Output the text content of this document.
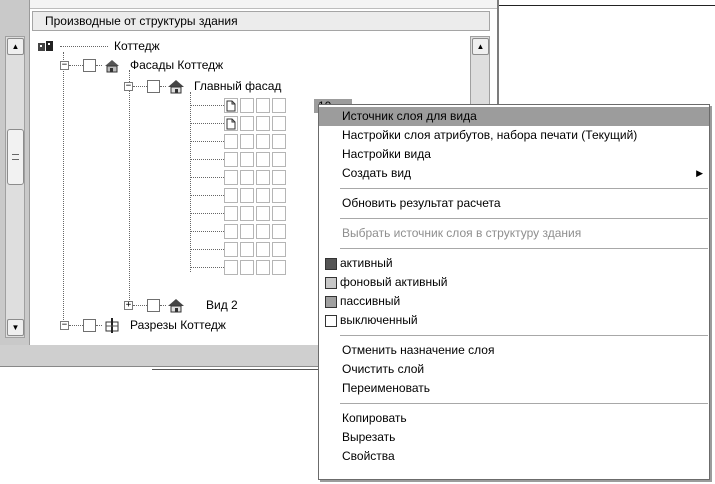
▲
▼
Производные от структуры здания
▲
Коттедж
−	Фасады Коттедж
−	Главный фасад
+	Вид 2
−	Разрезы Коттедж
Источник слоя для вида
Настройки слоя атрибутов, набора печати (Текущий)
Настройки вида
Создать вид	▶
Обновить результат расчета
Выбрать источник слоя в структуру здания
активный
фоновый активный
пассивный
выключенный
Отменить назначение слоя
Очистить слой
Переименовать
Копировать
Вырезать
Свойства
